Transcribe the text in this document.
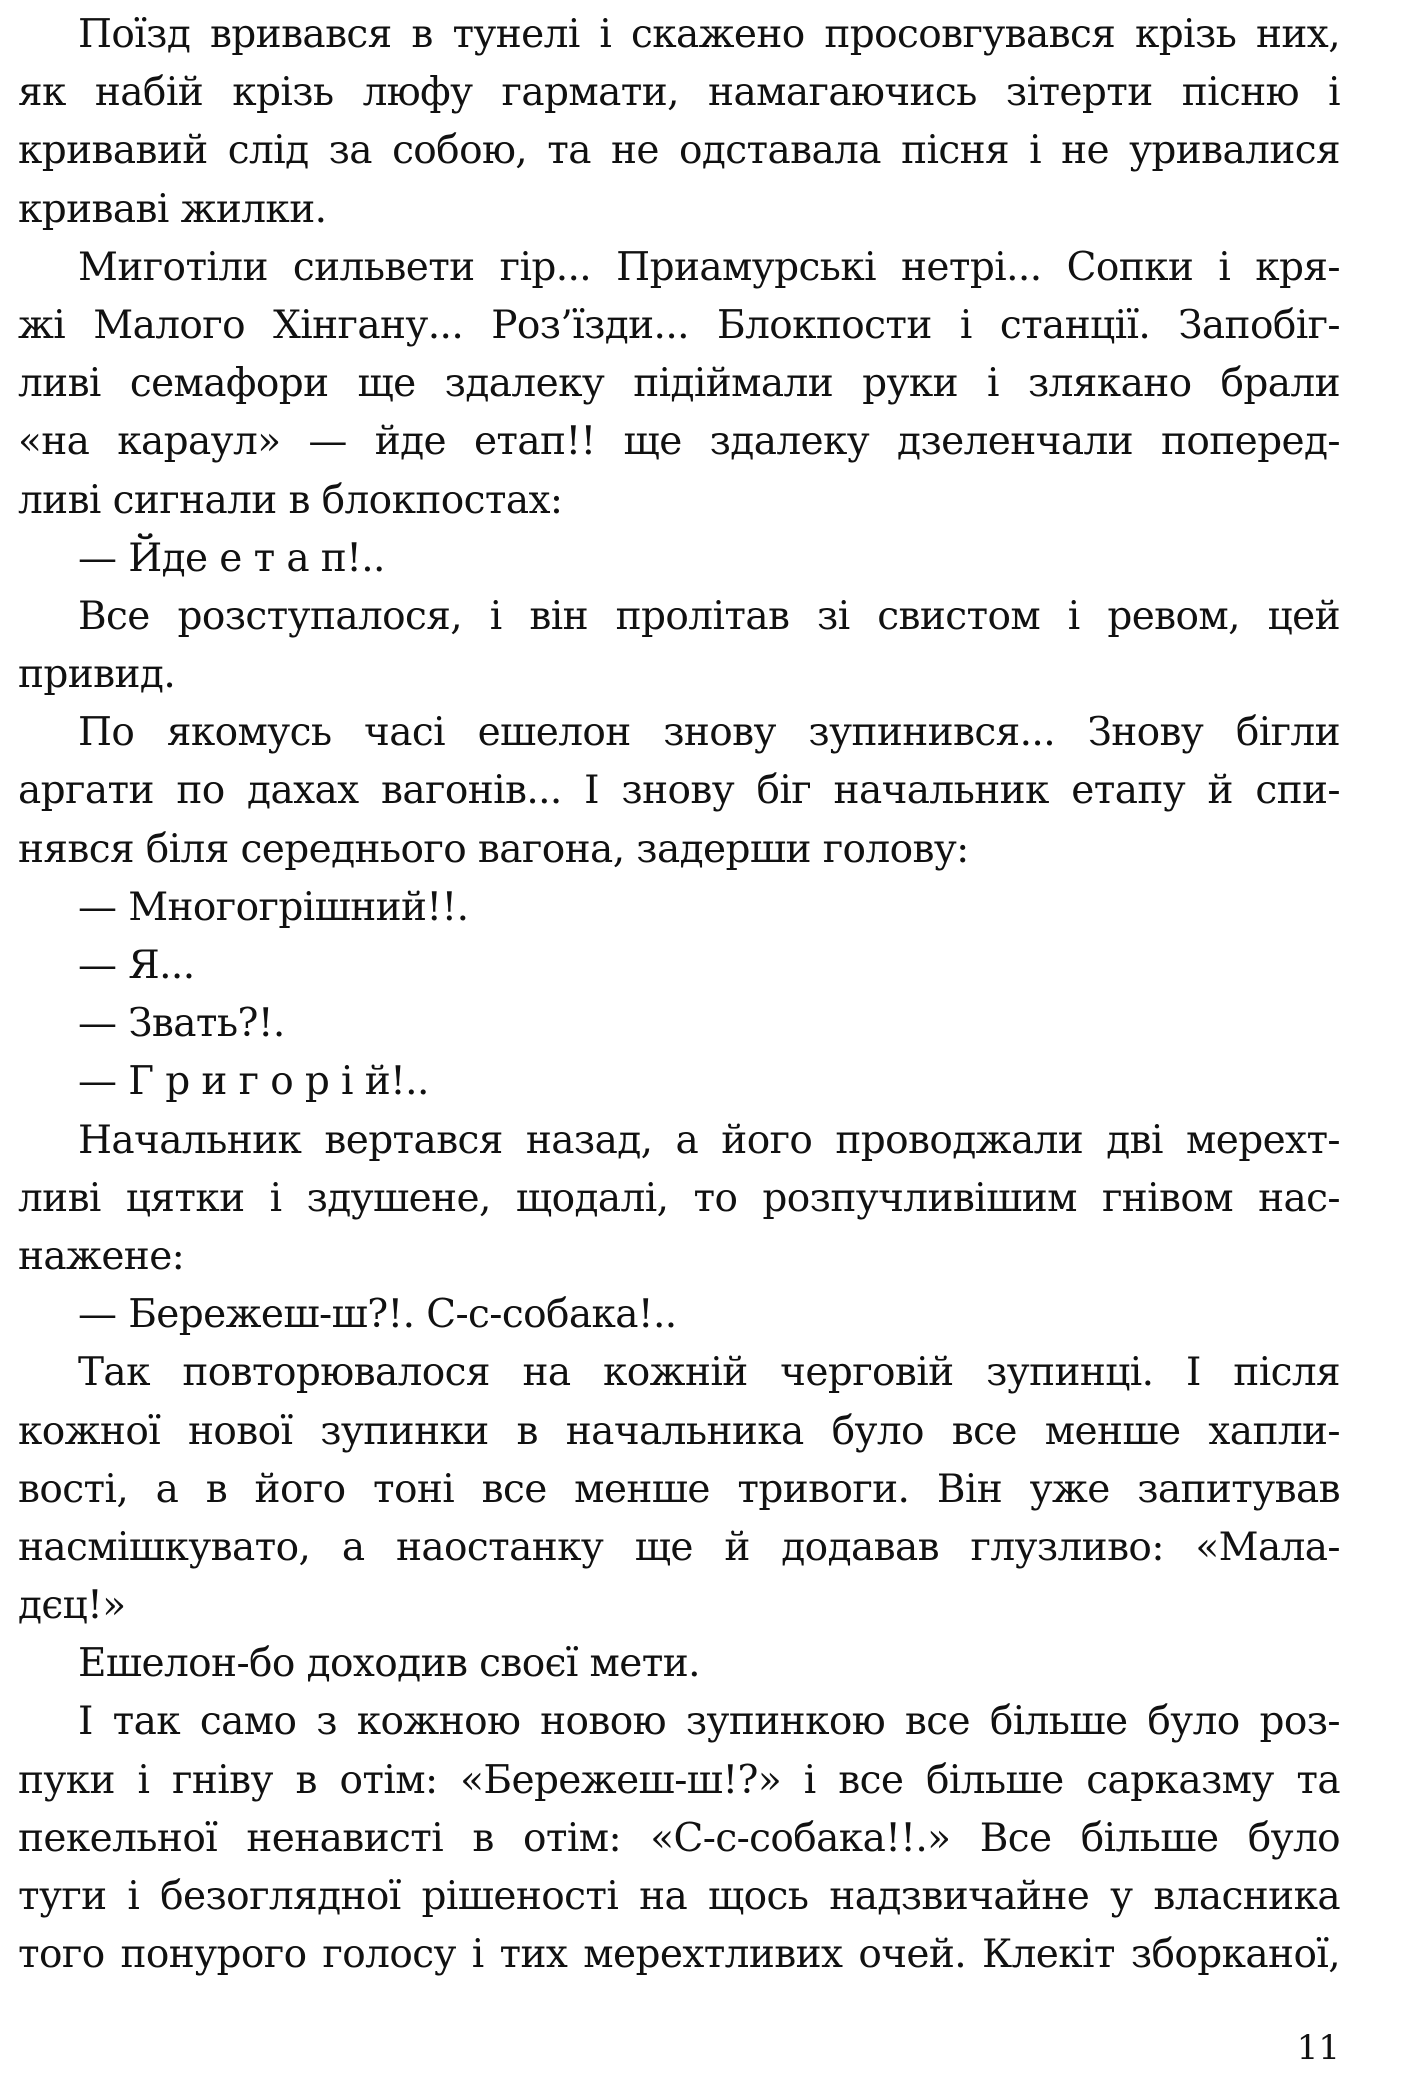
Поїзд вривався в тунелі і скажено просовгувався крізь них,
як набій крізь люфу гармати, намагаючись зітерти пісню і
кривавий слід за собою, та не одставала пісня і не уривалися
криваві жилки.
Миготіли сильвети гір... Приамурські нетрі... Сопки і кря-
жі Малого Хінгану... Роз’їзди... Блокпости і станції. Запобіг-
ливі семафори ще здалеку підіймали руки і злякано брали
«на караул» — йде етап!! ще здалеку дзеленчали поперед-
ливі сигнали в блокпостах:
— Йде е т а п!..
Все розступалося, і він пролітав зі свистом і ревом, цей
привид.
По якомусь часі ешелон знову зупинився... Знову бігли
аргати по дахах вагонів... І знову біг начальник етапу й спи-
нявся біля середнього вагона, задерши голову:
— Многогрішний!!.
— Я...
— Звать?!.
— Г р и г о р і й!..
Начальник вертався назад, а його проводжали дві мерехт-
ливі цятки і здушене, щодалі, то розпучливішим гнівом нас-
нажене:
— Бережеш-ш?!. С-с-собака!..
Так повторювалося на кожній черговій зупинці. І після
кожної нової зупинки в начальника було все менше хапли-
вості, а в його тоні все менше тривоги. Він уже запитував
насмішкувато, а наостанку ще й додавав глузливо: «Мала-
дєц!»
Ешелон-бо доходив своєї мети.
І так само з кожною новою зупинкою все більше було роз-
пуки і гніву в отім: «Бережеш-ш!?» і все більше сарказму та
пекельної ненависті в отім: «С-с-собака!!.» Все більше було
туги і безоглядної рішеності на щось надзвичайне у власника
того понурого голосу і тих мерехтливих очей. Клекіт зборканої,
11
